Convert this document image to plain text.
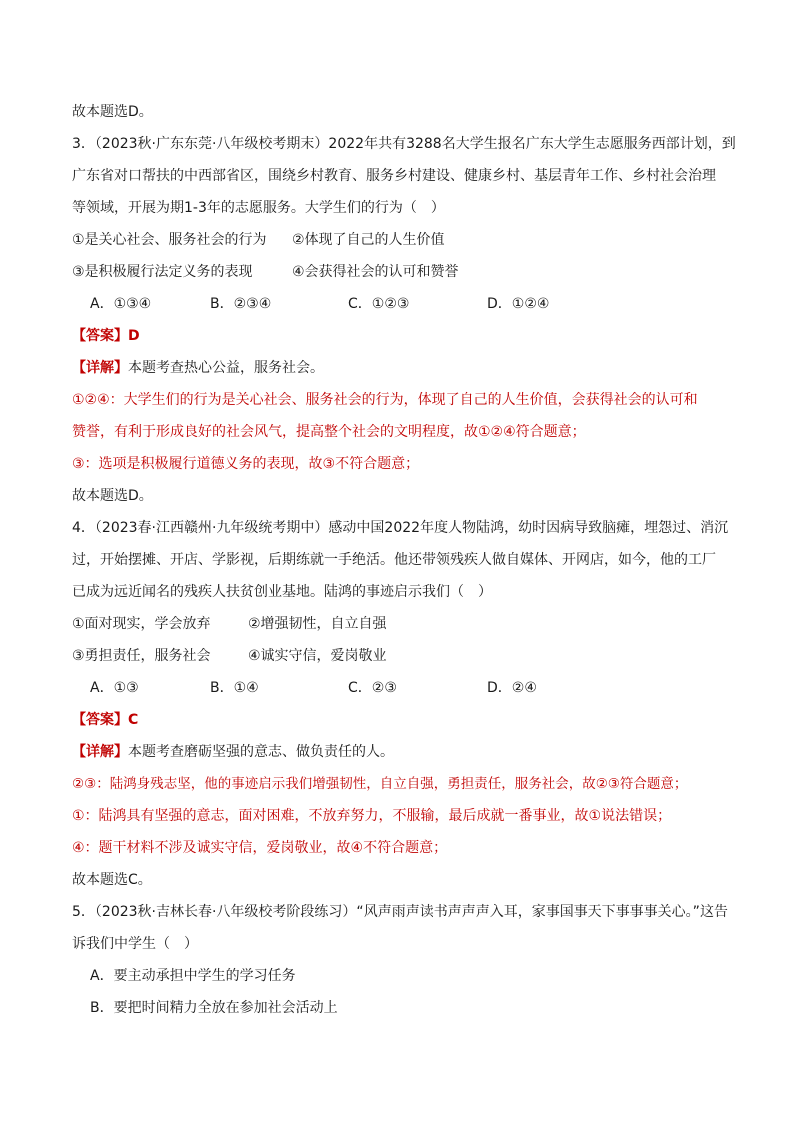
故本题选D。
3．（2023秋·广东东莞·八年级校考期末）2022年共有3288名大学生报名广东大学生志愿服务西部计划，到
广东省对口帮扶的中西部省区，围绕乡村教育、服务乡村建设、健康乡村、基层青年工作、乡村社会治理
等领域，开展为期1-3年的志愿服务。大学生们的行为（　）
①是关心社会、服务社会的行为 ②体现了自己的人生价值
③是积极履行法定义务的表现	④会获得社会的认可和赞誉
A．①③④	B．②③④	C．①②③	D．①②④
【答案】D
【详解】本题考查热心公益，服务社会。
①②④：大学生们的行为是关心社会、服务社会的行为，体现了自己的人生价值，会获得社会的认可和
赞誉，有利于形成良好的社会风气，提高整个社会的文明程度，故①②④符合题意；
③：选项是积极履行道德义务的表现，故③不符合题意；
故本题选D。
4．（2023春·江西赣州·九年级统考期中）感动中国2022年度人物陆鸿，幼时因病导致脑瘫，埋怨过、消沉
过，开始摆摊、开店、学影视，后期练就一手绝活。他还带领残疾人做自媒体、开网店，如今，他的工厂
已成为远近闻名的残疾人扶贫创业基地。陆鸿的事迹启示我们（　）
①面对现实，学会放弃	②增强韧性，自立自强
③勇担责任，服务社会	④诚实守信，爱岗敬业
A．①③	B．①④	C．②③	D．②④
【答案】C
【详解】本题考查磨砺坚强的意志、做负责任的人。
②③：陆鸿身残志坚，他的事迹启示我们增强韧性，自立自强，勇担责任，服务社会，故②③符合题意；
①：陆鸿具有坚强的意志，面对困难，不放弃努力，不服输，最后成就一番事业，故①说法错误；
④：题干材料不涉及诚实守信，爱岗敬业，故④不符合题意；
故本题选C。
5．（2023秋·吉林长春·八年级校考阶段练习）“风声雨声读书声声声入耳，家事国事天下事事事关心。”这告
诉我们中学生（　）
A．要主动承担中学生的学习任务
B．要把时间精力全放在参加社会活动上
